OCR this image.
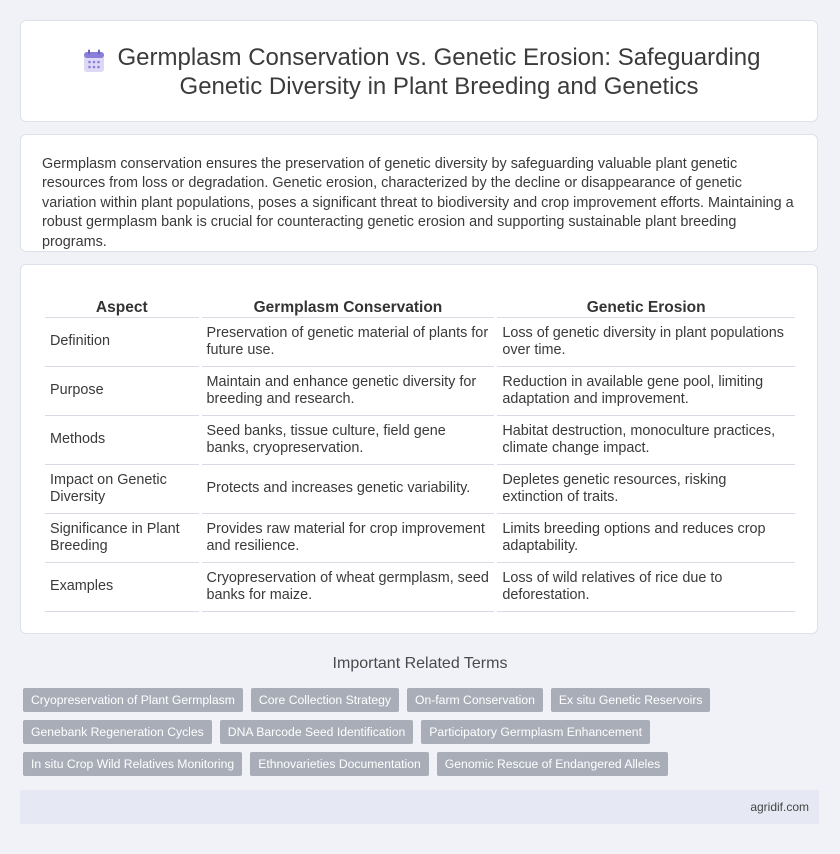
Germplasm Conservation vs. Genetic Erosion: Safeguarding Genetic Diversity in Plant Breeding and Genetics

Germplasm conservation ensures the preservation of genetic diversity by safeguarding valuable plant genetic resources from loss or degradation. Genetic erosion, characterized by the decline or disappearance of genetic variation within plant populations, poses a significant threat to biodiversity and crop improvement efforts. Maintaining a robust germplasm bank is crucial for counteracting genetic erosion and supporting sustainable plant breeding programs.

Aspect	Germplasm Conservation	Genetic Erosion
Definition	Preservation of genetic material of plants for future use.	Loss of genetic diversity in plant populations over time.
Purpose	Maintain and enhance genetic diversity for breeding and research.	Reduction in available gene pool, limiting adaptation and improvement.
Methods	Seed banks, tissue culture, field gene banks, cryopreservation.	Habitat destruction, monoculture practices, climate change impact.
Impact on Genetic Diversity	Protects and increases genetic variability.	Depletes genetic resources, risking extinction of traits.
Significance in Plant Breeding	Provides raw material for crop improvement and resilience.	Limits breeding options and reduces crop adaptability.
Examples	Cryopreservation of wheat germplasm, seed banks for maize.	Loss of wild relatives of rice due to deforestation.
Important Related Terms
Cryopreservation of Plant Germplasm	Core Collection Strategy	On-farm Conservation	Ex situ Genetic Reservoirs
Genebank Regeneration Cycles	DNA Barcode Seed Identification	Participatory Germplasm Enhancement
In situ Crop Wild Relatives Monitoring	Ethnovarieties Documentation	Genomic Rescue of Endangered Alleles
agridif.com
